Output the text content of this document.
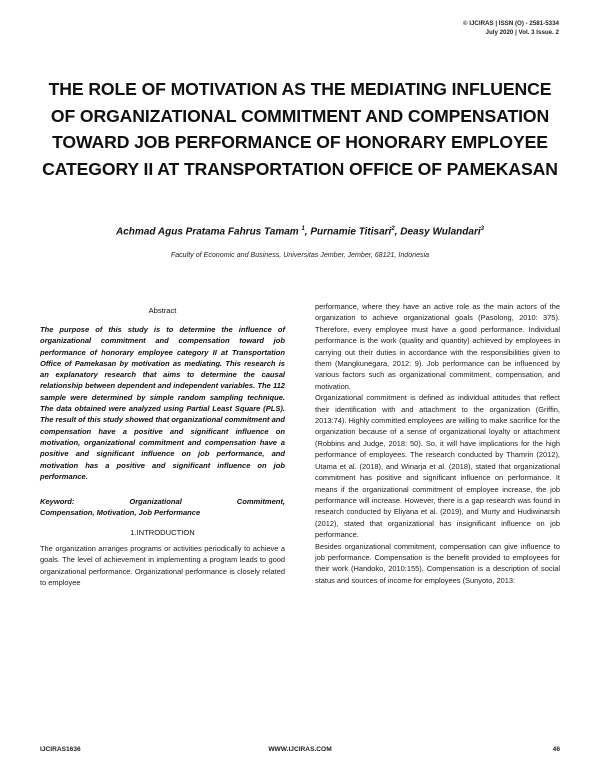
© IJCIRAS | ISSN (O) - 2581-5334
July 2020 | Vol. 3 Issue. 2
THE ROLE OF MOTIVATION AS THE MEDIATING INFLUENCE OF ORGANIZATIONAL COMMITMENT AND COMPENSATION TOWARD JOB PERFORMANCE OF HONORARY EMPLOYEE CATEGORY II AT TRANSPORTATION OFFICE OF PAMEKASAN
Achmad Agus Pratama Fahrus Tamam $^1$, Purnamie Titisari$^2$, Deasy Wulandari$^3$
Faculty of Economic and Business, Universitas Jember, Jember, 68121, Indonesia
Abstract

The purpose of this study is to determine the influence of organizational commitment and compensation toward job performance of honorary employee category II at Transportation Office of Pamekasan by motivation as mediating. This research is an explanatory research that aims to determine the causal relationship between dependent and independent variables. The 112 sample were determined by simple random sampling technique. The data obtained were analyzed using Partial Least Square (PLS). The result of this study showed that organizational commitment and compensation have a positive and significant influence on motivation, organizational commitment and compensation have a positive and significant influence on job performance, and motivation has a positive and significant influence on job performance.

Keyword:	Organizational	Commitment,
Compensation, Motivation, Job Performance
1.INTRODUCTION

The organization arranges programs or activities periodically to achieve a goals. The level of achievement in implementing a program leads to good organizational performance. Organizational performance is closely related to employee

performance, where they have an active role as the main actors of the organization to achieve organizational goals (Pasolong, 2010: 375). Therefore, every employee must have a good performance. Individual performance is the work (quality and quantity) achieved by employees in carrying out their duties in accordance with the responsibilities given to them (Mangkunegara, 2012: 9). Job performance can be influenced by various factors such as organizational commitment, compensation, and motivation.

Organizational commitment is defined as individual attitudes that reflect their identification with and attachment to the organization (Griffin, 2013:74). Highly committed employees are willing to make sacrifice for the organization because of a sense of organizational loyalty or attachment (Robbins and Judge, 2018: 50). So, it will have implications for the high performance of employees. The research conducted by Thamrin (2012), Utama et al. (2018), and Winarja et al. (2018), stated that organizational commitment has positive and significant influence on performance. It means if the organizational commitment of employee increase, the job performance will increase. However, there is a gap research was found in research conducted by Eliyana et al. (2019), and Murty and Hudiwinarsih (2012), stated that organizational has insignificant influence on job performance.

Besides organizational commitment, compensation can give influence to job performance. Compensation is the benefit provided to employees for their work (Handoko, 2010:155). Compensation is a description of social status and sources of income for employees (Sunyoto, 2013:

IJCIRAS1636	WWW.IJCIRAS.COM	46
